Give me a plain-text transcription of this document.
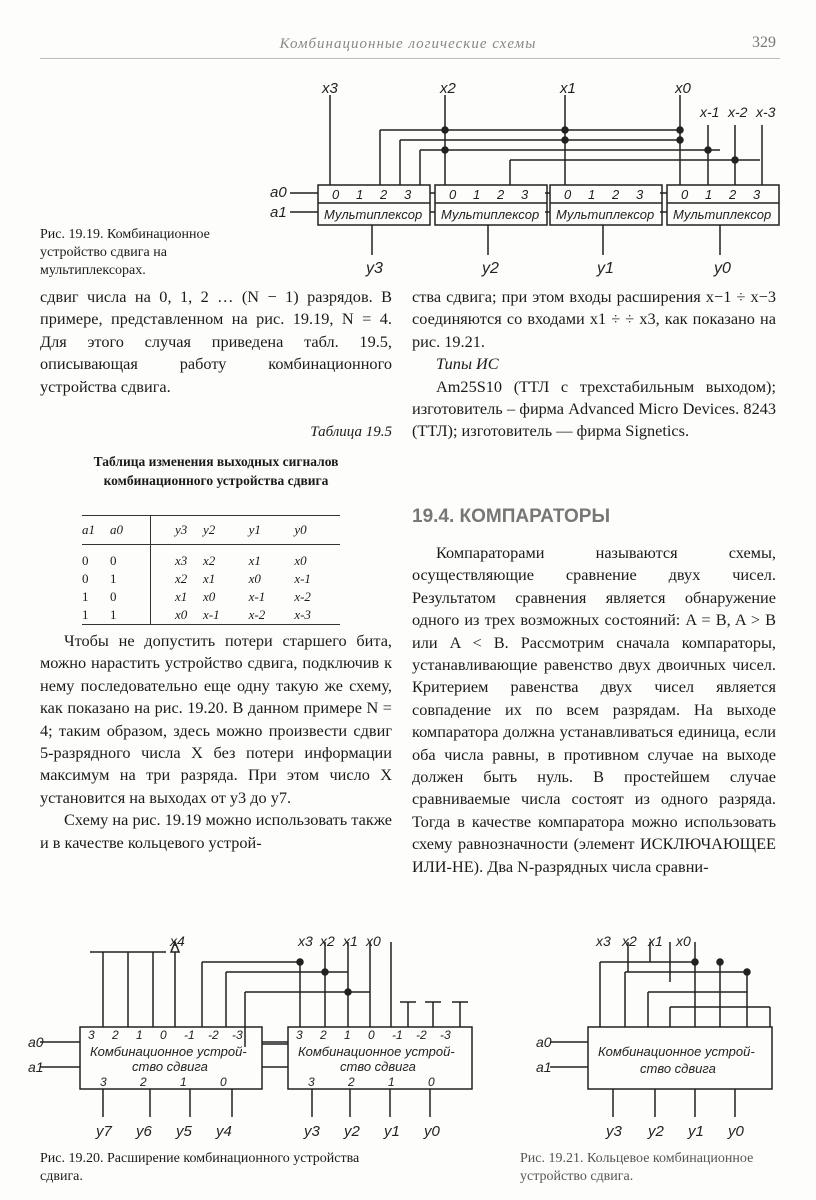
Комбинационные логические схемы	329
x3	x2	x1	x0
x-1 x-2 x-3
a0
a1
y3	y2	y1	y0
0 1 2 3
Мультиплексор
0 1 2 3
Мультиплексор
0 1 2 3
Мультиплексор
0 1 2 3
Мультиплексор
Рис. 19.19. Комбинационное устройство сдвига на мультиплексорах.

сдвиг числа на 0, 1, 2 … (N − 1) разрядов. В примере, представленном на рис. 19.19, N = 4. Для этого случая приведена табл. 19.5, описывающая работу комбинационного устройства сдвига.

Таблица 19.5
Таблица изменения выходных сигналов комбинационного устройства сдвига
a1	a0	y3	y2	y1	y0
0	0	x3	x2	x1	x0
0	1	x2	x1	x0	x-1
1	0	x1	x0	x-1	x-2
1	1	x0	x-1	x-2	x-3

Чтобы не допустить потери старшего бита, можно нарастить устройство сдвига, подключив к нему последовательно еще одну такую же схему, как показано на рис. 19.20. В данном примере N = 4; таким образом, здесь можно произвести сдвиг 5-разрядного числа X без потери информации максимум на три разряда. При этом число X установится на выходах от y3 до y7.

Схему на рис. 19.19 можно использовать также и в качестве кольцевого устрой-

ства сдвига; при этом входы расширения x−1 ÷ x−3 соединяются со входами x1 ÷ ÷ x3, как показано на рис. 19.21.

Типы ИС

Am25S10 (ТТЛ с трехстабильным выходом); изготовитель – фирма Advanced Micro Devices. 8243 (ТТЛ); изготовитель — фирма Signetics.

19.4. КОМПАРАТОРЫ

Компараторами называются схемы, осуществляющие сравнение двух чисел. Результатом сравнения является обнаружение одного из трех возможных состояний: A = B, A > B или A < B. Рассмотрим сначала компараторы, устанавливающие равенство двух двоичных чисел. Критерием равенства двух чисел является совпадение их по всем разрядам. На выходе компаратора должна устанавливаться единица, если оба числа равны, в противном случае на выходе должен быть нуль. В простейшем случае сравниваемые числа состоят из одного разряда. Тогда в качестве компаратора можно использовать схему равнозначности (элемент ИСКЛЮЧАЮЩЕЕ ИЛИ-НЕ). Два N-разрядных числа сравни-

x4	x3 x2 x1 x0
a0
a1
3 2 1 0 -1 -2 -3
3	2	1	0
y7 y6 y5 y4
3 2 1 0 -1 -2 -3
3	2	1	0
y3 y2 y1 y0
Комбинационное устрой-
ство сдвига
Комбинационное устрой-
ство сдвига
Рис. 19.20. Расширение комбинационного устройства сдвига.
x3 x2 x1 x0
a0
a1
Комбинационное устрой-
ство сдвига
y3 y2 y1 y0
Рис. 19.21. Кольцевое комбинационное устройство сдвига.
